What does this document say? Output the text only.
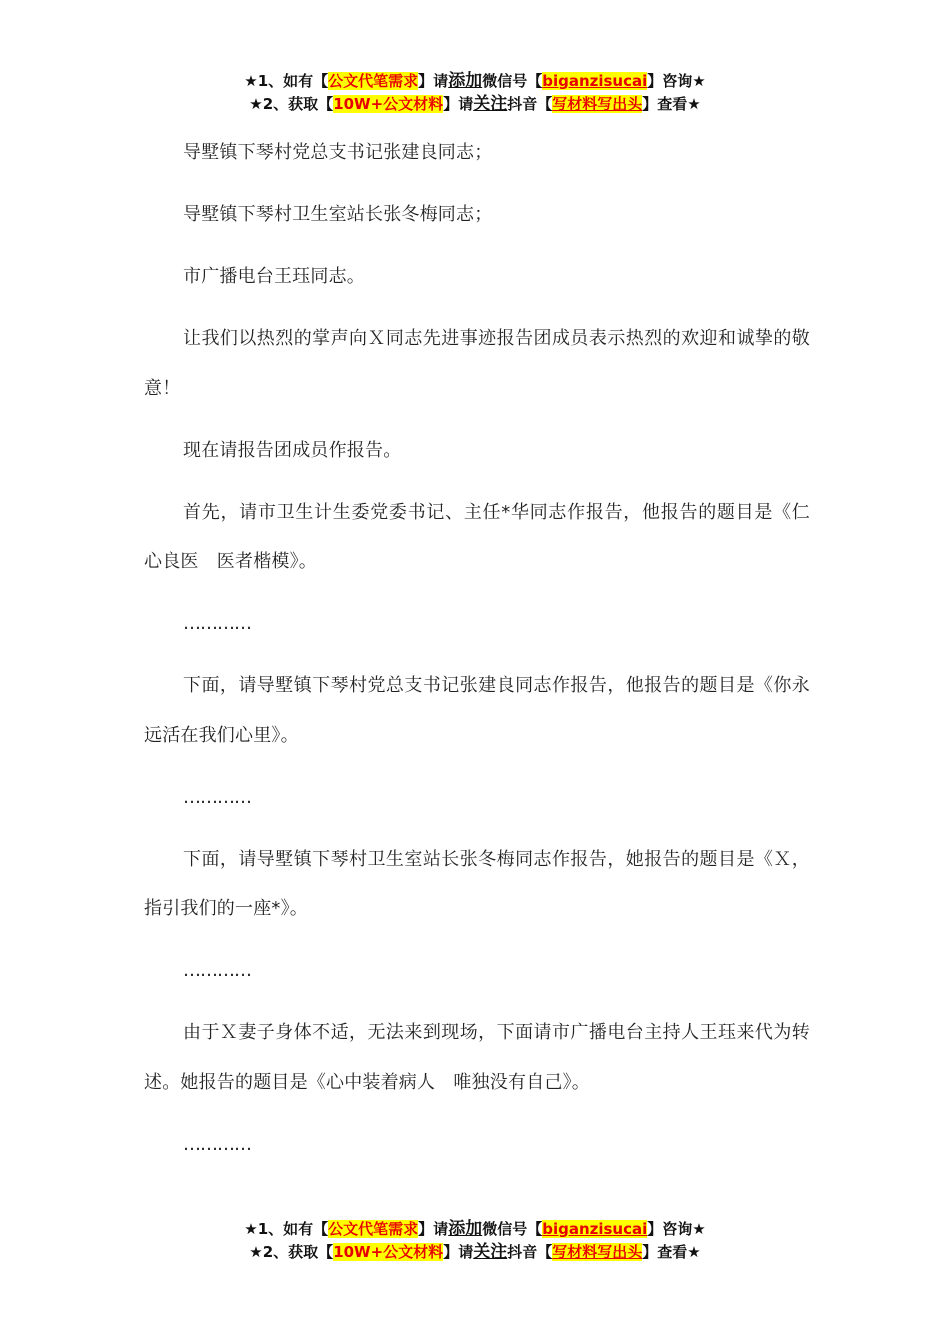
★1、如有【公文代笔需求】请添加微信号【biganzisucai】咨询★
★2、获取【10W+公文材料】请关注抖音【写材料写出头】查看★

导墅镇下琴村党总支书记张建良同志；

导墅镇下琴村卫生室站长张冬梅同志；

市广播电台王珏同志。

让我们以热烈的掌声向Ｘ同志先进事迹报告团成员表示热烈的欢迎和诚挚的敬意！

现在请报告团成员作报告。

首先，请市卫生计生委党委书记、主任*华同志作报告，他报告的题目是《仁心良医　医者楷模》。

…………

下面，请导墅镇下琴村党总支书记张建良同志作报告，他报告的题目是《你永远活在我们心里》。

…………

下面，请导墅镇下琴村卫生室站长张冬梅同志作报告，她报告的题目是《Ｘ，指引我们的一座*》。

…………

由于Ｘ妻子身体不适，无法来到现场，下面请市广播电台主持人王珏来代为转述。她报告的题目是《心中装着病人　唯独没有自己》。

…………

★1、如有【公文代笔需求】请添加微信号【biganzisucai】咨询★
★2、获取【10W+公文材料】请关注抖音【写材料写出头】查看★
